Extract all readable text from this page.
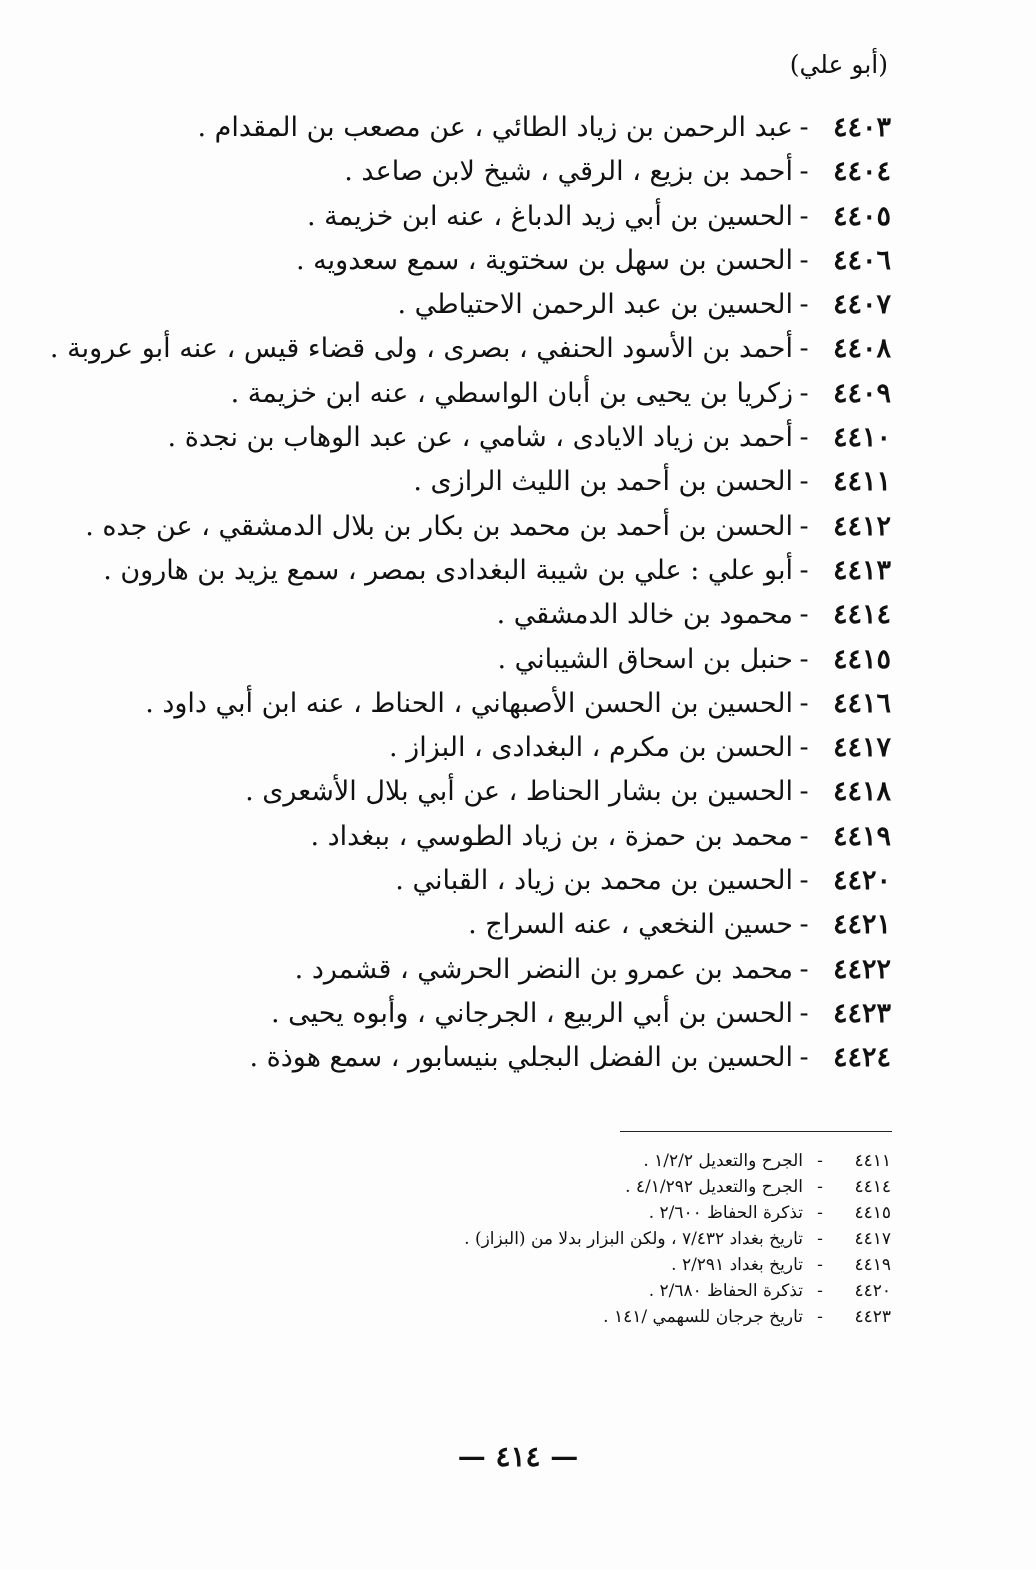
(أبو علي)
٤٤٠٣
-
عبد الرحمن بن زياد الطائي ، عن مصعب بن المقدام .
٤٤٠٤
-
أحمد بن بزيع ، الرقي ، شيخ لابن صاعد .
٤٤٠٥
-
الحسين بن أبي زيد الدباغ ، عنه ابن خزيمة .
٤٤٠٦
-
الحسن بن سهل بن سختوية ، سمع سعدويه .
٤٤٠٧
-
الحسين بن عبد الرحمن الاحتياطي .
٤٤٠٨
-
أحمد بن الأسود الحنفي ، بصرى ، ولى قضاء قيس ، عنه أبو عروبة .
٤٤٠٩
-
زكريا بن يحيى بن أبان الواسطي ، عنه ابن خزيمة .
٤٤١٠
-
أحمد بن زياد الايادى ، شامي ، عن عبد الوهاب بن نجدة .
٤٤١١
-
الحسن بن أحمد بن الليث الرازى .
٤٤١٢
-
الحسن بن أحمد بن محمد بن بكار بن بلال الدمشقي ، عن جده .
٤٤١٣
-
أبو علي : علي بن شيبة البغدادى بمصر ، سمع يزيد بن هارون .
٤٤١٤
-
محمود بن خالد الدمشقي .
٤٤١٥
-
حنبل بن اسحاق الشيباني .
٤٤١٦
-
الحسين بن الحسن الأصبهاني ، الحناط ، عنه ابن أبي داود .
٤٤١٧
-
الحسن بن مكرم ، البغدادى ، البزاز .
٤٤١٨
-
الحسين بن بشار الحناط ، عن أبي بلال الأشعرى .
٤٤١٩
-
محمد بن حمزة ، بن زياد الطوسي ، ببغداد .
٤٤٢٠
-
الحسين بن محمد بن زياد ، القباني .
٤٤٢١
-
حسين النخعي ، عنه السراج .
٤٤٢٢
-
محمد بن عمرو بن النضر الحرشي ، قشمرد .
٤٤٢٣
-
الحسن بن أبي الربيع ، الجرجاني ، وأبوه يحيى .
٤٤٢٤
-
الحسين بن الفضل البجلي بنيسابور ، سمع هوذة .
٤٤١١
-
الجرح والتعديل ١/٢/٢ .
٤٤١٤
-
الجرح والتعديل ٤/١/٢٩٢ .
٤٤١٥
-
تذكرة الحفاظ ٢/٦٠٠ .
٤٤١٧
-
تاريخ بغداد ٧/٤٣٢ ، ولكن البزار بدلا من (البزاز) .
٤٤١٩
-
تاريخ بغداد ٢/٢٩١ .
٤٤٢٠
-
تذكرة الحفاظ ٢/٦٨٠ .
٤٤٢٣
-
تاريخ جرجان للسهمي /١٤١ .
— ٤١٤ —
